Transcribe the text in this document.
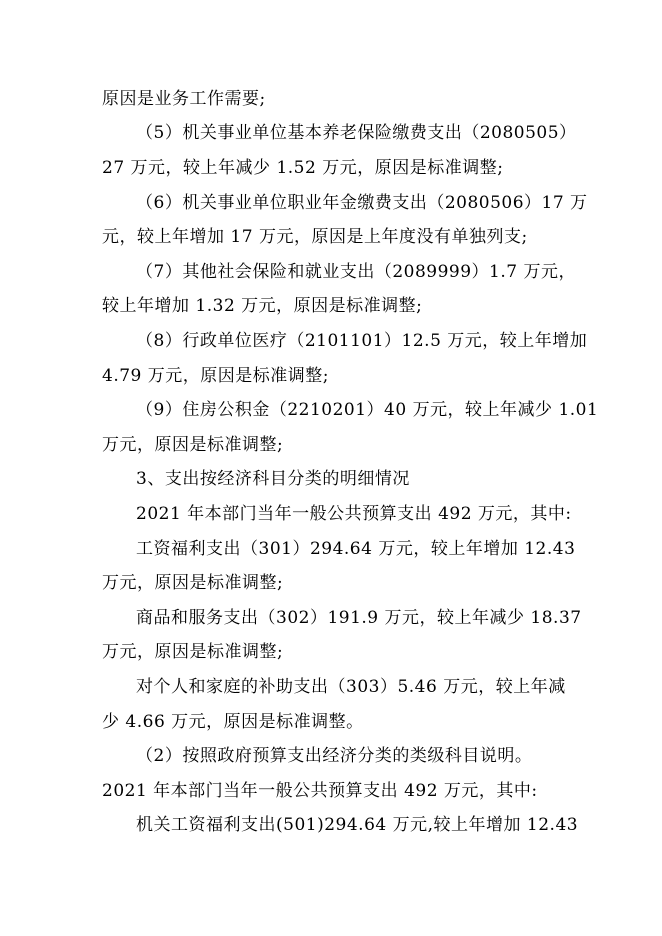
原因是业务工作需要;
（5）机关事业单位基本养老保险缴费支出（2080505）
27 万元，较上年减少 1.52 万元，原因是标准调整;
（6）机关事业单位职业年金缴费支出（2080506）17 万
元，较上年增加 17 万元，原因是上年度没有单独列支;
（7）其他社会保险和就业支出（2089999）1.7 万元，
较上年增加 1.32 万元，原因是标准调整;
（8）行政单位医疗（2101101）12.5 万元，较上年增加
4.79 万元，原因是标准调整;
（9）住房公积金（2210201）40 万元，较上年减少 1.01
万元，原因是标准调整;
3、支出按经济科目分类的明细情况
2021 年本部门当年一般公共预算支出 492 万元，其中:
工资福利支出（301）294.64 万元，较上年增加 12.43
万元，原因是标准调整;
商品和服务支出（302）191.9 万元，较上年减少 18.37
万元，原因是标准调整;
对个人和家庭的补助支出（303）5.46 万元，较上年减
少 4.66 万元，原因是标准调整。
（2）按照政府预算支出经济分类的类级科目说明。
2021 年本部门当年一般公共预算支出 492 万元，其中:
机关工资福利支出(501)294.64 万元,较上年增加 12.43
